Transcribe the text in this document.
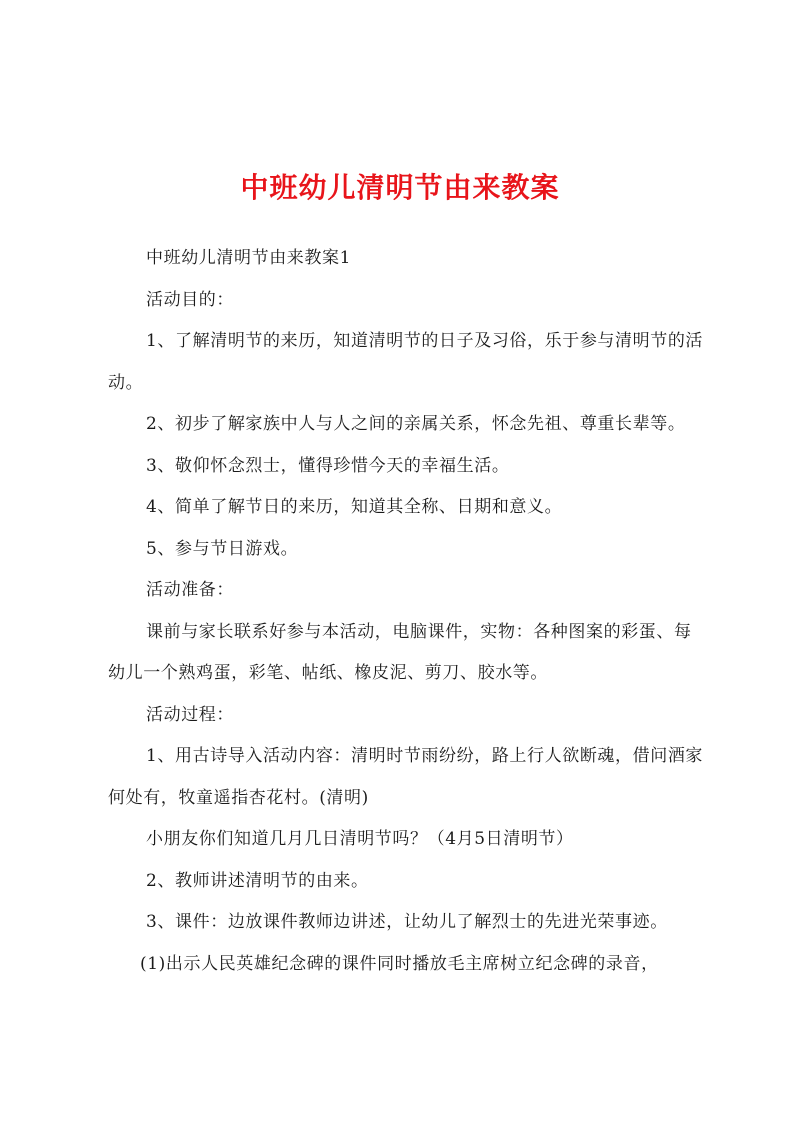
中班幼儿清明节由来教案

中班幼儿清明节由来教案1

活动目的：

1、了解清明节的来历，知道清明节的日子及习俗，乐于参与清明节的活动。

2、初步了解家族中人与人之间的亲属关系，怀念先祖、尊重长辈等。

3、敬仰怀念烈士，懂得珍惜今天的幸福生活。

4、简单了解节日的来历，知道其全称、日期和意义。

5、参与节日游戏。

活动准备：

课前与家长联系好参与本活动，电脑课件，实物：各种图案的彩蛋、每幼儿一个熟鸡蛋，彩笔、帖纸、橡皮泥、剪刀、胶水等。

活动过程：

1、用古诗导入活动内容：清明时节雨纷纷，路上行人欲断魂，借问酒家何处有，牧童遥指杏花村。(清明)

小朋友你们知道几月几日清明节吗？（4月5日清明节）

2、教师讲述清明节的由来。

3、课件：边放课件教师边讲述，让幼儿了解烈士的先进光荣事迹。

(1)出示人民英雄纪念碑的课件同时播放毛主席树立纪念碑的录音，
